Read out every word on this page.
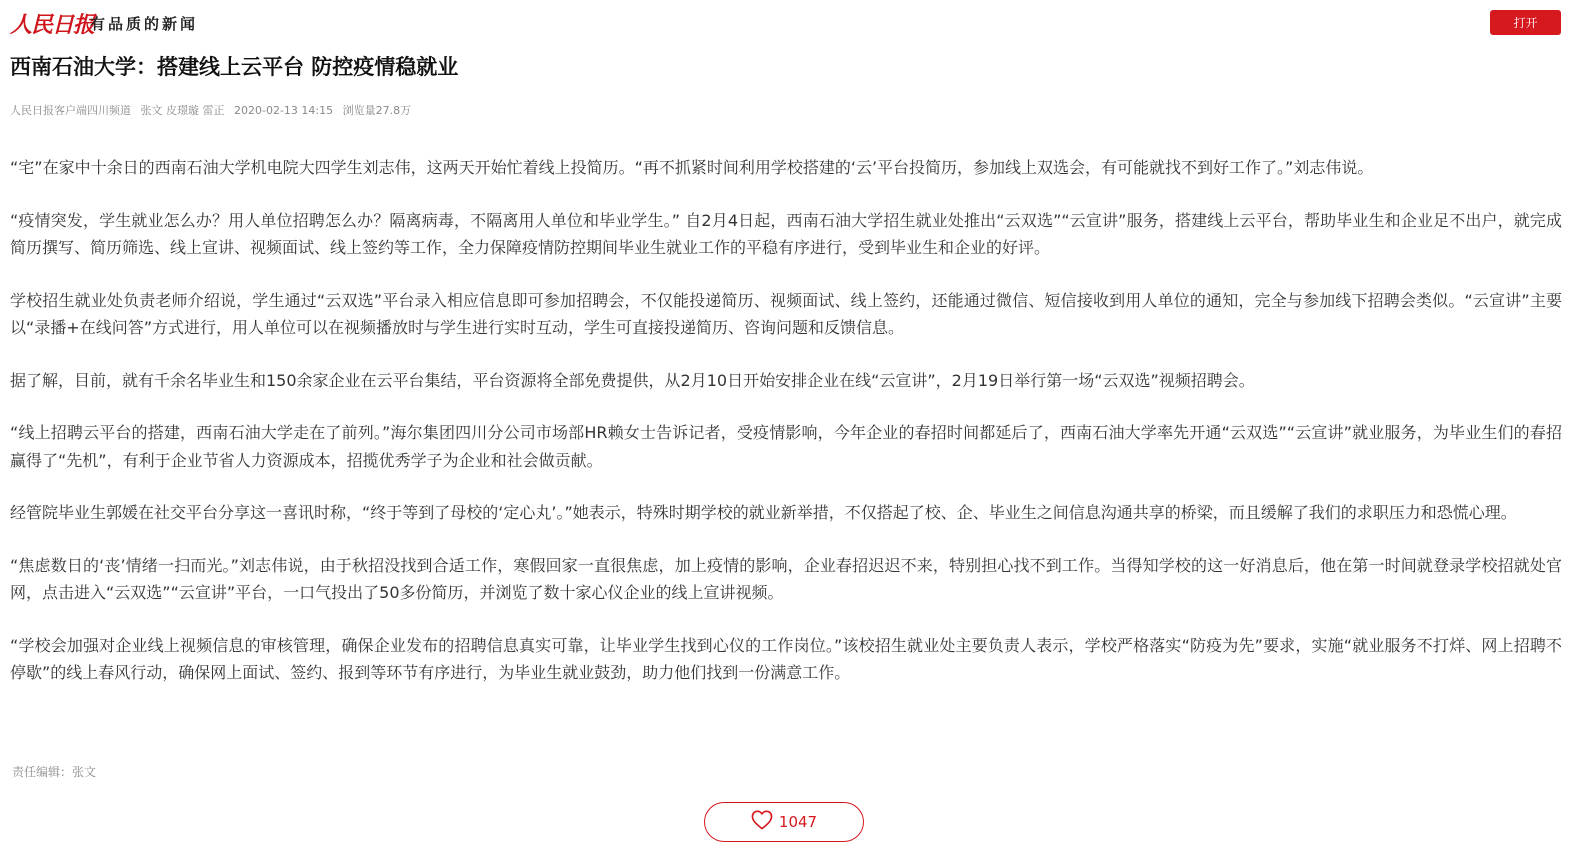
人民日报
有品质的新闻	打开
西南石油大学：搭建线上云平台 防控疫情稳就业
人民日报客户端四川频道 张文 皮璟璇 雷正 2020-02-13 14:15 浏览量27.8万

“宅”在家中十余日的西南石油大学机电院大四学生刘志伟，这两天开始忙着线上投简历。“再不抓紧时间利用学校搭建的‘云’平台投简历，参加线上双选会，有可能就找不到好工作了。”刘志伟说。

“疫情突发，学生就业怎么办？用人单位招聘怎么办？隔离病毒，不隔离用人单位和毕业学生。” 自2月4日起，西南石油大学招生就业处推出“云双选”“云宣讲”服务，搭建线上云平台，帮助毕业生和企业足不出户，就完成简历撰写、简历筛选、线上宣讲、视频面试、线上签约等工作，全力保障疫情防控期间毕业生就业工作的平稳有序进行，受到毕业生和企业的好评。

学校招生就业处负责老师介绍说，学生通过“云双选”平台录入相应信息即可参加招聘会，不仅能投递简历、视频面试、线上签约，还能通过微信、短信接收到用人单位的通知，完全与参加线下招聘会类似。“云宣讲”主要以“录播+在线问答”方式进行，用人单位可以在视频播放时与学生进行实时互动，学生可直接投递简历、咨询问题和反馈信息。

据了解，目前，就有千余名毕业生和150余家企业在云平台集结，平台资源将全部免费提供，从2月10日开始安排企业在线“云宣讲”，2月19日举行第一场“云双选”视频招聘会。

“线上招聘云平台的搭建，西南石油大学走在了前列。”海尔集团四川分公司市场部HR赖女士告诉记者，受疫情影响，今年企业的春招时间都延后了，西南石油大学率先开通“云双选”“云宣讲”就业服务，为毕业生们的春招赢得了“先机”，有利于企业节省人力资源成本，招揽优秀学子为企业和社会做贡献。

经管院毕业生郭媛在社交平台分享这一喜讯时称，“终于等到了母校的‘定心丸’。”她表示，特殊时期学校的就业新举措，不仅搭起了校、企、毕业生之间信息沟通共享的桥梁，而且缓解了我们的求职压力和恐慌心理。

“焦虑数日的‘丧’情绪一扫而光。”刘志伟说，由于秋招没找到合适工作，寒假回家一直很焦虑，加上疫情的影响，企业春招迟迟不来，特别担心找不到工作。当得知学校的这一好消息后，他在第一时间就登录学校招就处官网，点击进入“云双选”“云宣讲”平台，一口气投出了50多份简历，并浏览了数十家心仪企业的线上宣讲视频。

“学校会加强对企业线上视频信息的审核管理，确保企业发布的招聘信息真实可靠，让毕业学生找到心仪的工作岗位。”该校招生就业处主要负责人表示，学校严格落实“防疫为先”要求，实施“就业服务不打烊、网上招聘不停歇”的线上春风行动，确保网上面试、签约、报到等环节有序进行，为毕业生就业鼓劲，助力他们找到一份满意工作。

责任编辑：张文
1047
